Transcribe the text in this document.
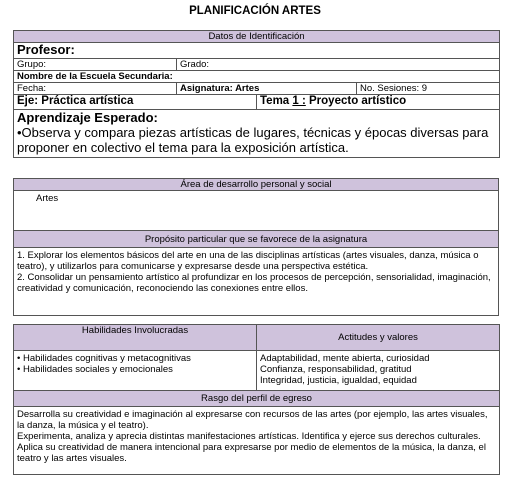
PLANIFICACIÓN ARTES
Datos de Identificación			
Profesor:			
Grupo:	Grado:		
Nombre de la Escuela Secundaria:			
Fecha:	Asignatura: Artes		No. Sesiones: 9
Eje: Práctica artística		Tema 1 : Proyecto artístico	

Aprendizaje Esperado:
•Observa y compara piezas artísticas de lugares, técnicas y épocas diversas para proponer en colectivo el tema para la exposición artística.			
Área de desarrollo personal y social
Artes
Propósito particular que se favorece de la asignatura

1. Explorar los elementos básicos del arte en una de las disciplinas artísticas (artes visuales, danza, música o teatro), y utilizarlos para comunicarse y expresarse desde una perspectiva estética.
2. Consolidar un pensamiento artístico al profundizar en los procesos de percepción, sensorialidad, imaginación, creatividad y comunicación, reconociendo las conexiones entre ellos.
Habilidades Involucradas	Actitudes y valores

• Habilidades cognitivas y metacognitivas
• Habilidades sociales y emocionales	Adaptabilidad, mente abierta, curiosidad
Confianza, responsabilidad, gratitud
Integridad, justicia, igualdad, equidad

Rasgo del perfil de egreso	

Desarrolla su creatividad e imaginación al expresarse con recursos de las artes (por ejemplo, las artes visuales, la danza, la música y el teatro).
Experimenta, analiza y aprecia distintas manifestaciones artísticas. Identifica y ejerce sus derechos culturales. Aplica su creatividad de manera intencional para expresarse por medio de elementos de la música, la danza, el teatro y las artes visuales.	
